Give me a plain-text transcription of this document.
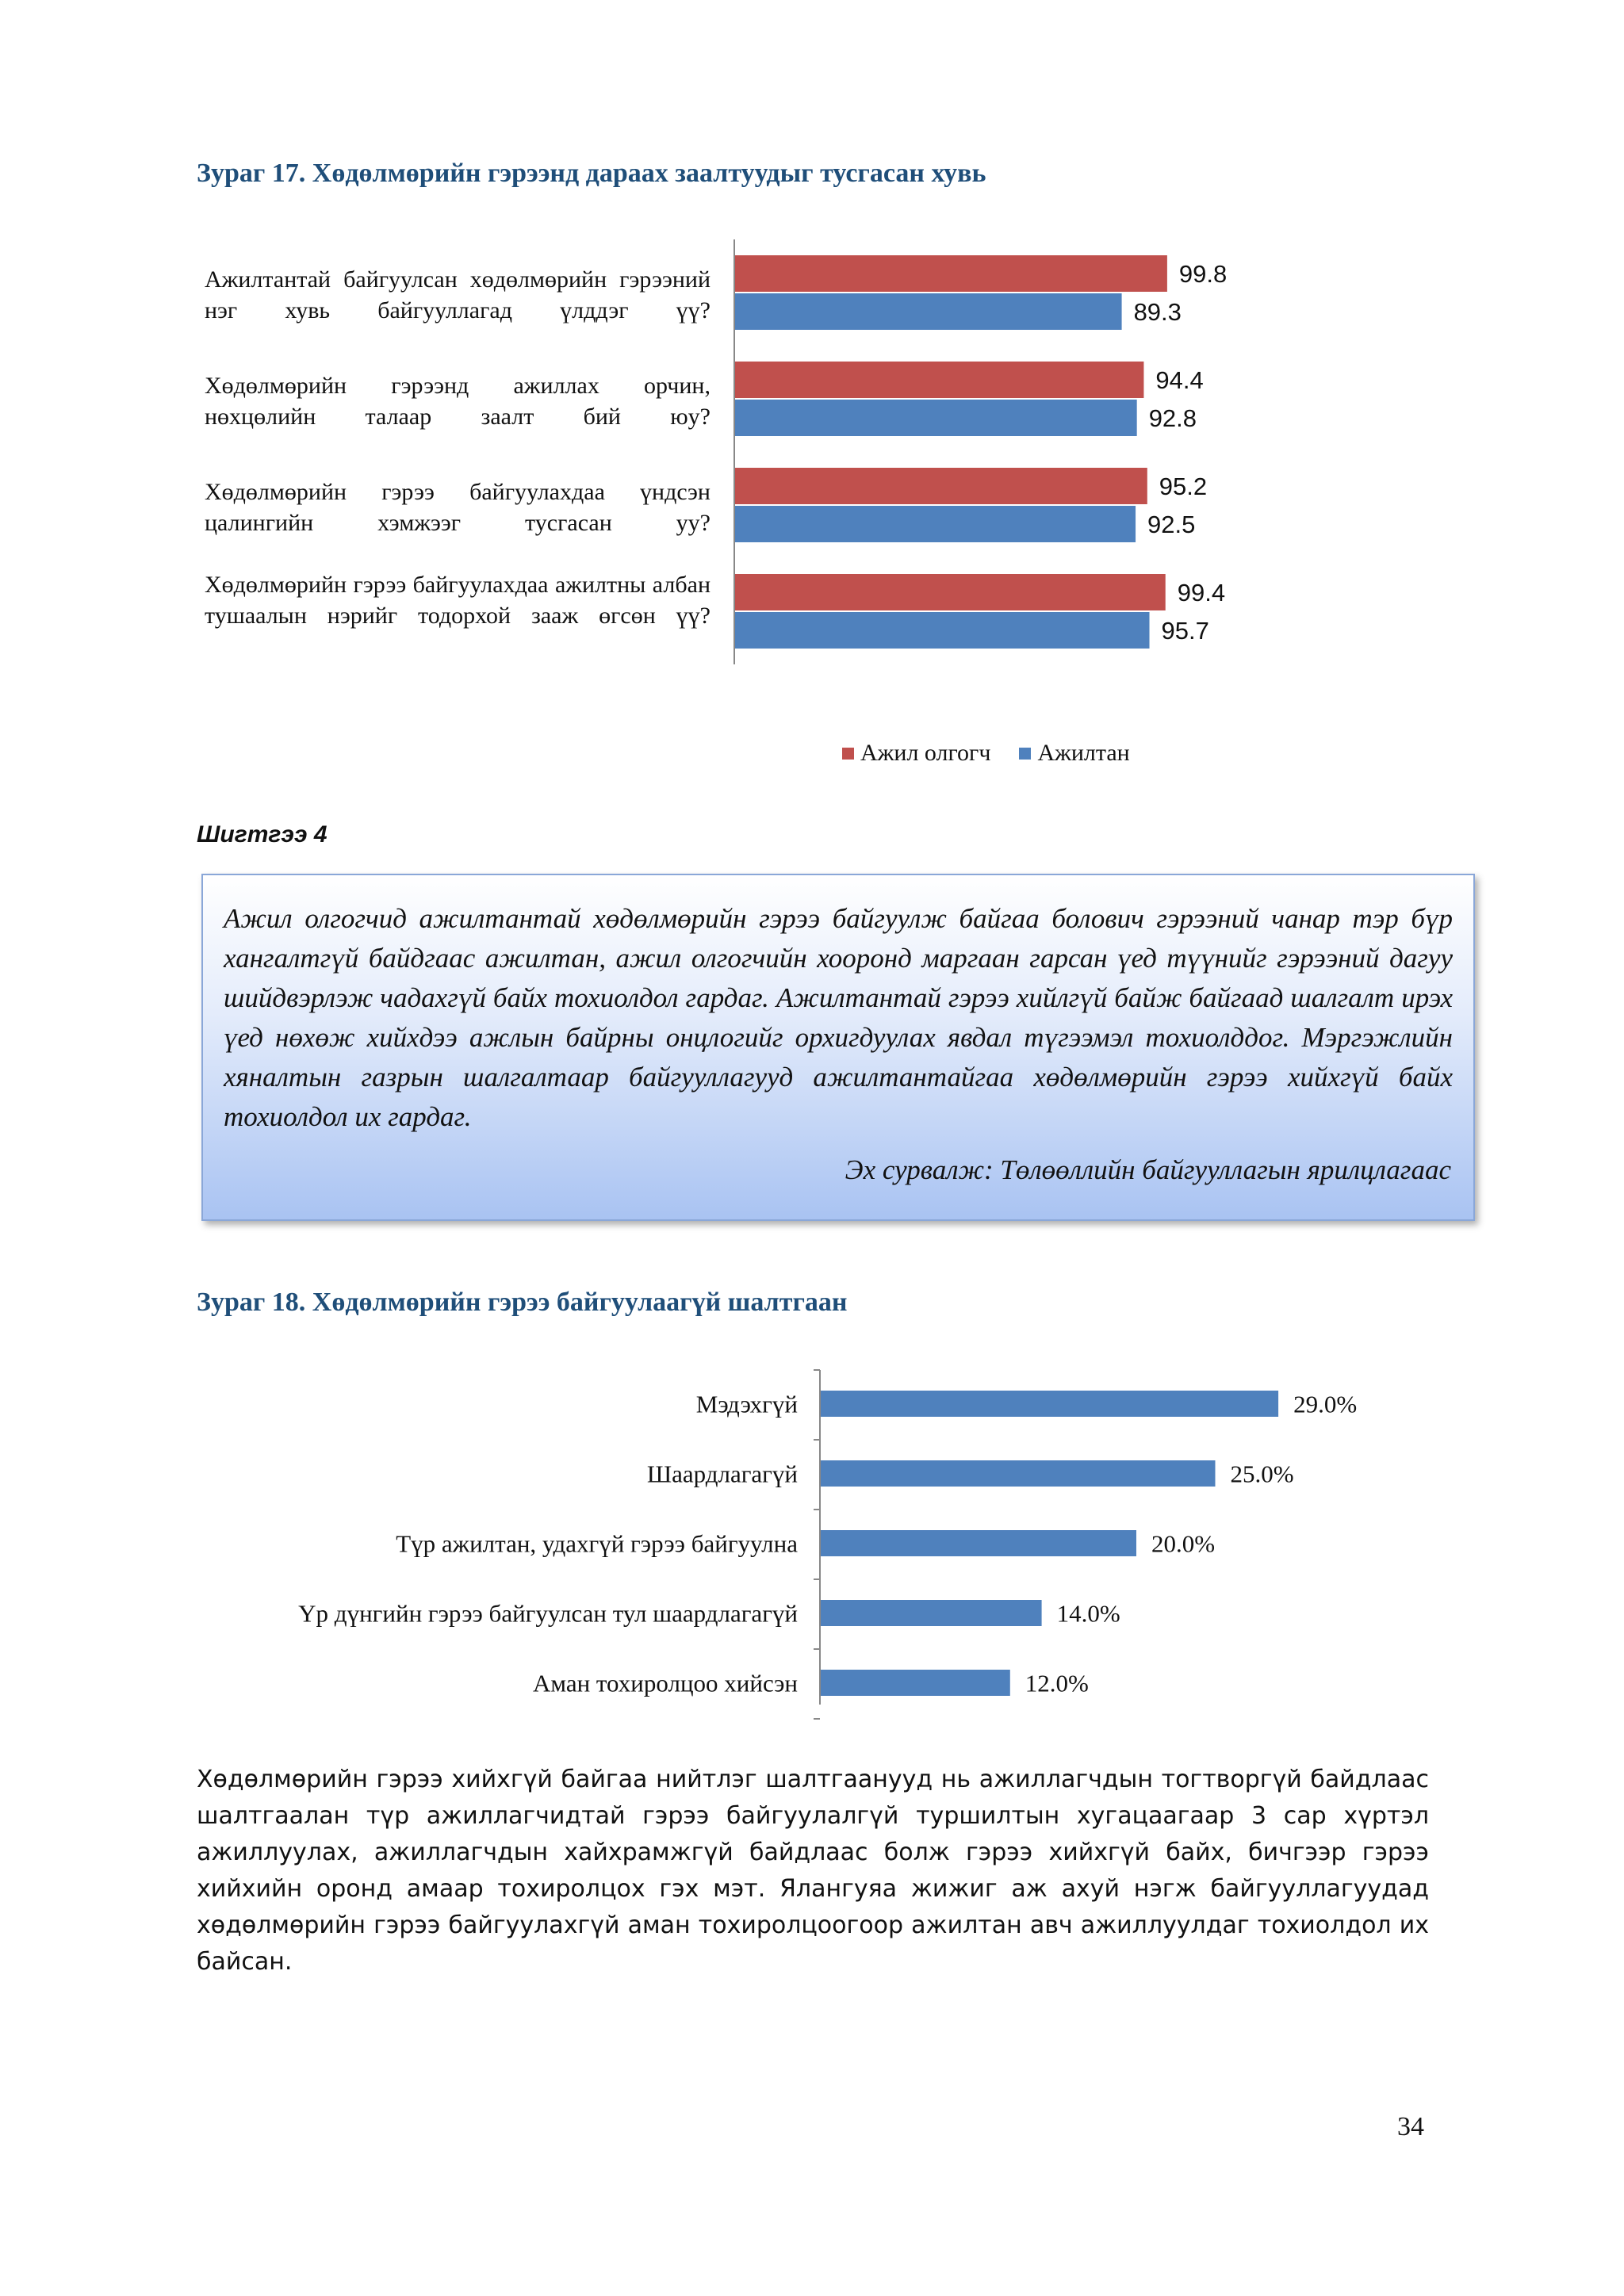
Зураг 17. Хөдөлмөрийн гэрээнд дараах заалтуудыг тусгасан хувь
Ажилтантай байгуулсан хөдөлмөрийн гэрээний нэг хувь байгууллагад үлддэг үү?
Хөдөлмөрийн гэрээнд ажиллах орчин, нөхцөлийн талаар заалт бий юу?
Хөдөлмөрийн гэрээ байгуулахдаа үндсэн цалингийн хэмжээг тусгасан уу?
Хөдөлмөрийн гэрээ байгуулахдаа ажилтны албан тушаалын нэрийг тодорхой зааж өгсөн үү?
99.8
89.3
94.4
92.8
95.2
92.5
99.4
95.7
Ажил олгогч Ажилтан
Шигтгээ 4
Ажил олгогчид ажилтантай хөдөлмөрийн гэрээ байгуулж байгаа болович гэрээний чанар тэр бүр хангалтгүй байдгаас ажилтан, ажил олгогчийн хооронд маргаан гарсан үед түүнийг гэрээний дагуу шийдвэрлэж чадахгүй байх тохиолдол гардаг. Ажилтантай гэрээ хийлгүй байж байгаад шалгалт ирэх үед нөхөж хийхдээ ажлын байрны онцлогийг орхигдуулах явдал түгээмэл тохиолддог. Мэргэжлийн хяналтын газрын шалгалтаар байгууллагууд ажилтантайгаа хөдөлмөрийн гэрээ хийхгүй байх тохиолдол их гардаг.
Эх сурвалж: Төлөөллийн байгууллагын ярилцлагаас
Зураг 18. Хөдөлмөрийн гэрээ байгуулаагүй шалтгаан
Мэдэхгүй	29.0%
Шаардлагагүй	25.0%
Түр ажилтан, удахгүй гэрээ байгуулна	20.0%
Үр дүнгийн гэрээ байгуулсан тул шаардлагагүй	14.0%
Аман тохиролцоо хийсэн	12.0%
Хөдөлмөрийн гэрээ хийхгүй байгаа нийтлэг шалтгаанууд нь ажиллагчдын тогтворгүй байдлаас шалтгаалан түр ажиллагчидтай гэрээ байгуулалгүй туршилтын хугацаагаар 3 сар хүртэл ажиллуулах, ажиллагчдын хайхрамжгүй байдлаас болж гэрээ хийхгүй байх, бичгээр гэрээ хийхийн оронд амаар тохиролцох гэх мэт. Ялангуяа жижиг аж ахуй нэгж байгууллагуудад хөдөлмөрийн гэрээ байгуулахгүй аман тохиролцоогоор ажилтан авч ажиллуулдаг тохиолдол их байсан.
34
